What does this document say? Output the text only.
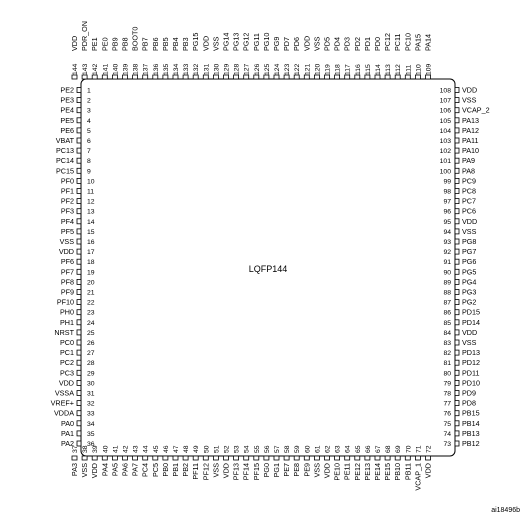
LQFP144
ai18496b
PE2 1
PE3 2
PE4 3
PE5 4
PE6 5
VBAT 6
PC13 7
PC14 8
PC15 9
PF0 10
PF1 11
PF2 12
PF3 13
PF4 14
PF5 15
VSS 16
VDD 17
PF6 18
PF7 19
PF8 20
PF9 21
PF10 22
PH0 23
PH1 24
NRST 25
PC0 26
PC1 27
PC2 28
PC3 29
VDD 30
VSSA 31
VREF+ 32
VDDA 33
PA0 34
PA1 35
PA2 36
PA3
37
VSS
38
VDD
39
PA4
40
PA5
41
PA6
42
PA7
43
PC4
44
PC5
45
PB0
46
PB1
47
PB2
48
PF11
49
PF12
50
VSS
51
VDD
52
PF13
53
PF14
54
PF15
55
PG0
56
PG1
57
PE7
58
PE8
59
PE9
60
VSS
61
VDD
62
PE10
63
PE11
64
PE12
65
PE13
66
PE14
67
PE15
68
PB10
69
PB11
70
VCAP_1
71
VDD
72
PB12
73
PB13
74
PB14
75
PB15
76
PD8
77
PD9
78
PD10
79
PD11
80
PD12
81
PD13
82
VSS
83
VDD
84
PD14
85
PD15
86
PG2
87
PG3
88
PG4
89
PG5
90
PG6
91
PG7
92
PG8
93
VSS
94
VDD
95
PC6
96
PC7
97
PC8
98
PC9
99
PA8
100
PA9
101
PA10
102
PA11
103
PA12
104
PA13
105
VCAP_2
106
VSS
107
VDD
108
PA14
109
PA15
110
PC10
111
PC11
112
PC12
113
PD0
114
PD1
115
PD2
116
PD3
117
PD4
118
PD5
119
VSS
120
VDD
121
PD6
122
PD7
123
PG9
124
PG10
125
PG11
126
PG12
127
PG13
128
PG14
129
VSS
130
VDD
131
PG15
132
PB3
133
PB4
134
PB5
135
PB6
136
PB7
137
BOOT0
138
PB8
139
PB9
140
PE0
141
PE1
142
PDR_ON
143
VDD
144
